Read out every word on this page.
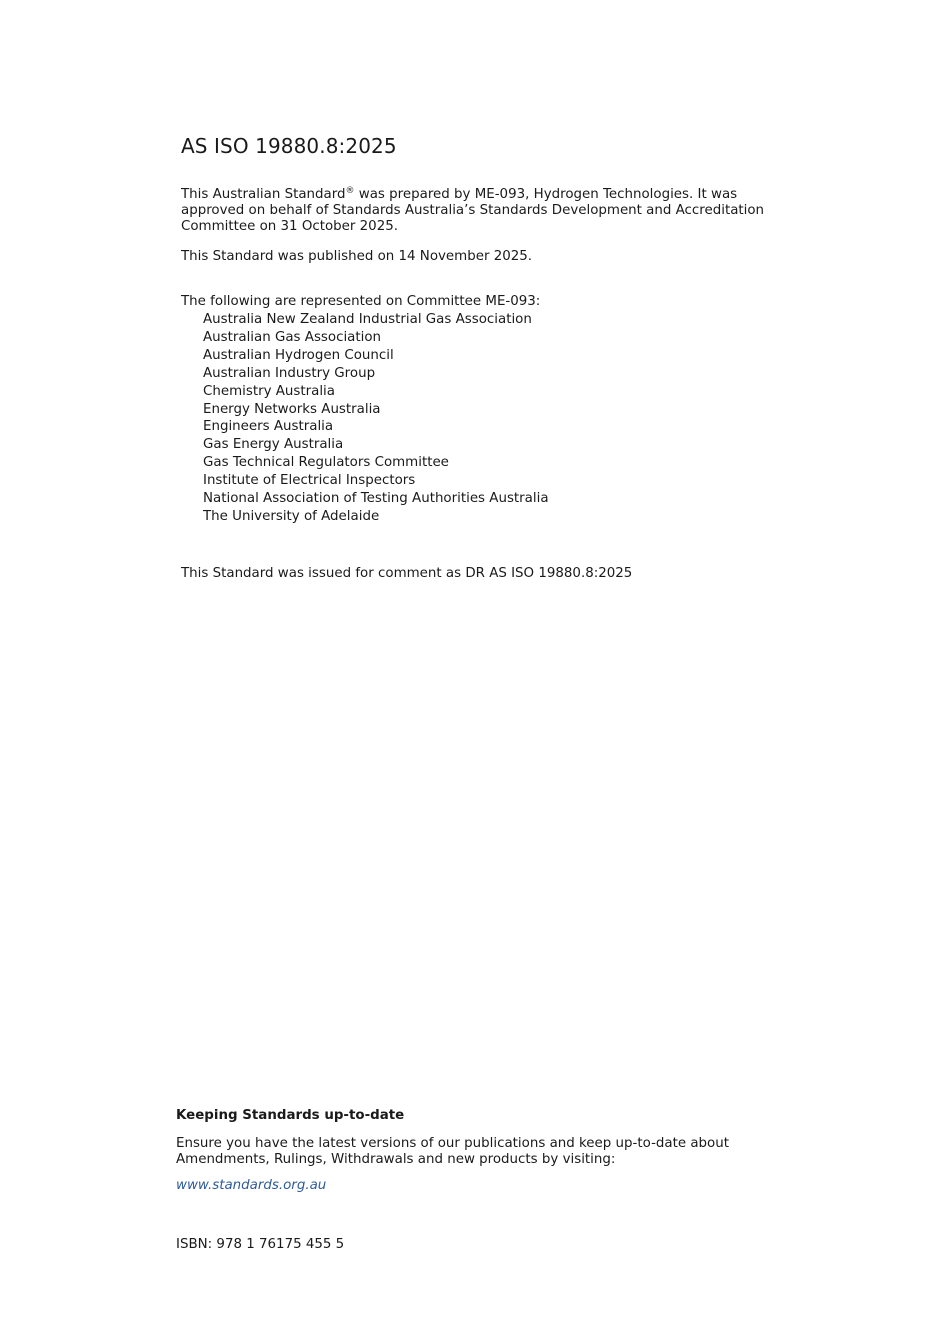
AS ISO 19880.8:2025

This Australian Standard® was prepared by ME-093, Hydrogen Technologies. It was approved on behalf of Standards Australia’s Standards Development and Accreditation Committee on 31 October 2025.

This Standard was published on 14 November 2025.

The following are represented on Committee ME-093:

Australia New Zealand Industrial Gas Association
Australian Gas Association
Australian Hydrogen Council
Australian Industry Group
Chemistry Australia
Energy Networks Australia
Engineers Australia
Gas Energy Australia
Gas Technical Regulators Committee
Institute of Electrical Inspectors
National Association of Testing Authorities Australia
The University of Adelaide

This Standard was issued for comment as DR AS ISO 19880.8:2025

Keeping Standards up-to-date

Ensure you have the latest versions of our publications and keep up-to-date about Amendments, Rulings, Withdrawals and new products by visiting:

www.standards.org.au

ISBN: 978 1 76175 455 5
